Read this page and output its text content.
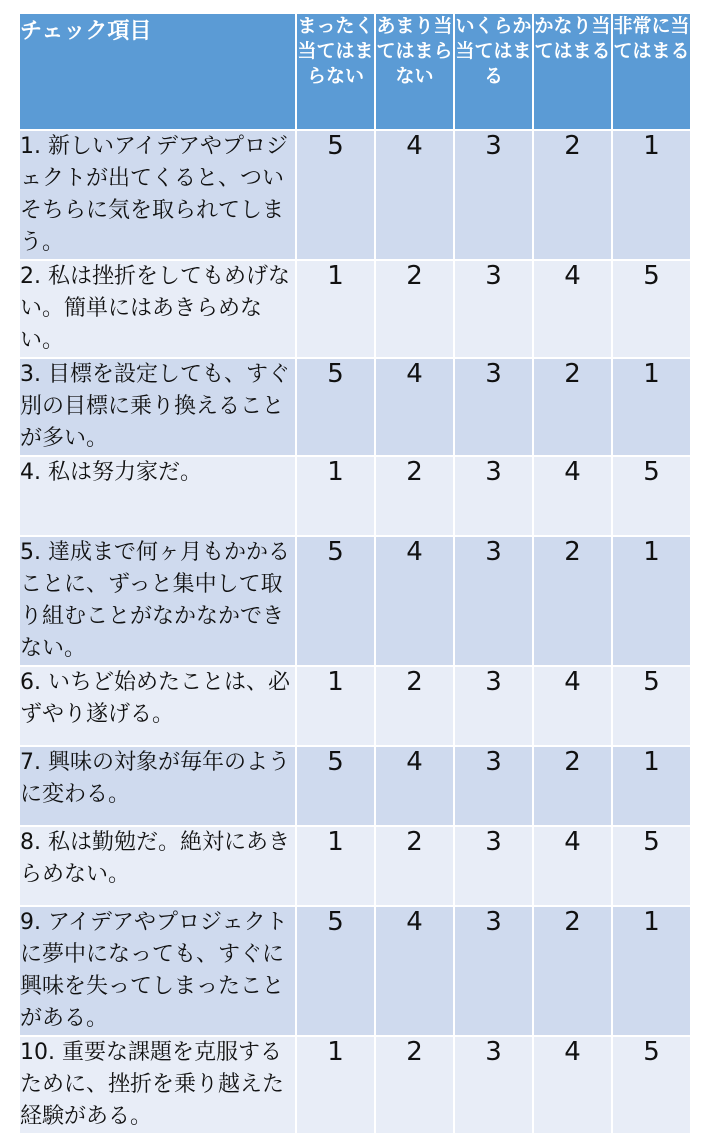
チェック項目	まったく当てはまらない	あまり当てはまらない	いくらか当てはまる	かなり当てはまる	非常に当てはまる
1. 新しいアイデアやプロジェクトが出てくると、ついそちらに気を取られてしまう。	5	4	3	2	1
2. 私は挫折をしてもめげない。簡単にはあきらめない。	1	2	3	4	5
3. 目標を設定しても、すぐ別の目標に乗り換えることが多い。	5	4	3	2	1
4. 私は努力家だ。	1	2	3	4	5
5. 達成まで何ヶ月もかかることに、ずっと集中して取り組むことがなかなかできない。	5	4	3	2	1
6. いちど始めたことは、必ずやり遂げる。	1	2	3	4	5
7. 興味の対象が毎年のように変わる。	5	4	3	2	1
8. 私は勤勉だ。絶対にあきらめない。	1	2	3	4	5
9. アイデアやプロジェクトに夢中になっても、すぐに興味を失ってしまったことがある。	5	4	3	2	1
10. 重要な課題を克服するために、挫折を乗り越えた経験がある。	1	2	3	4	5
